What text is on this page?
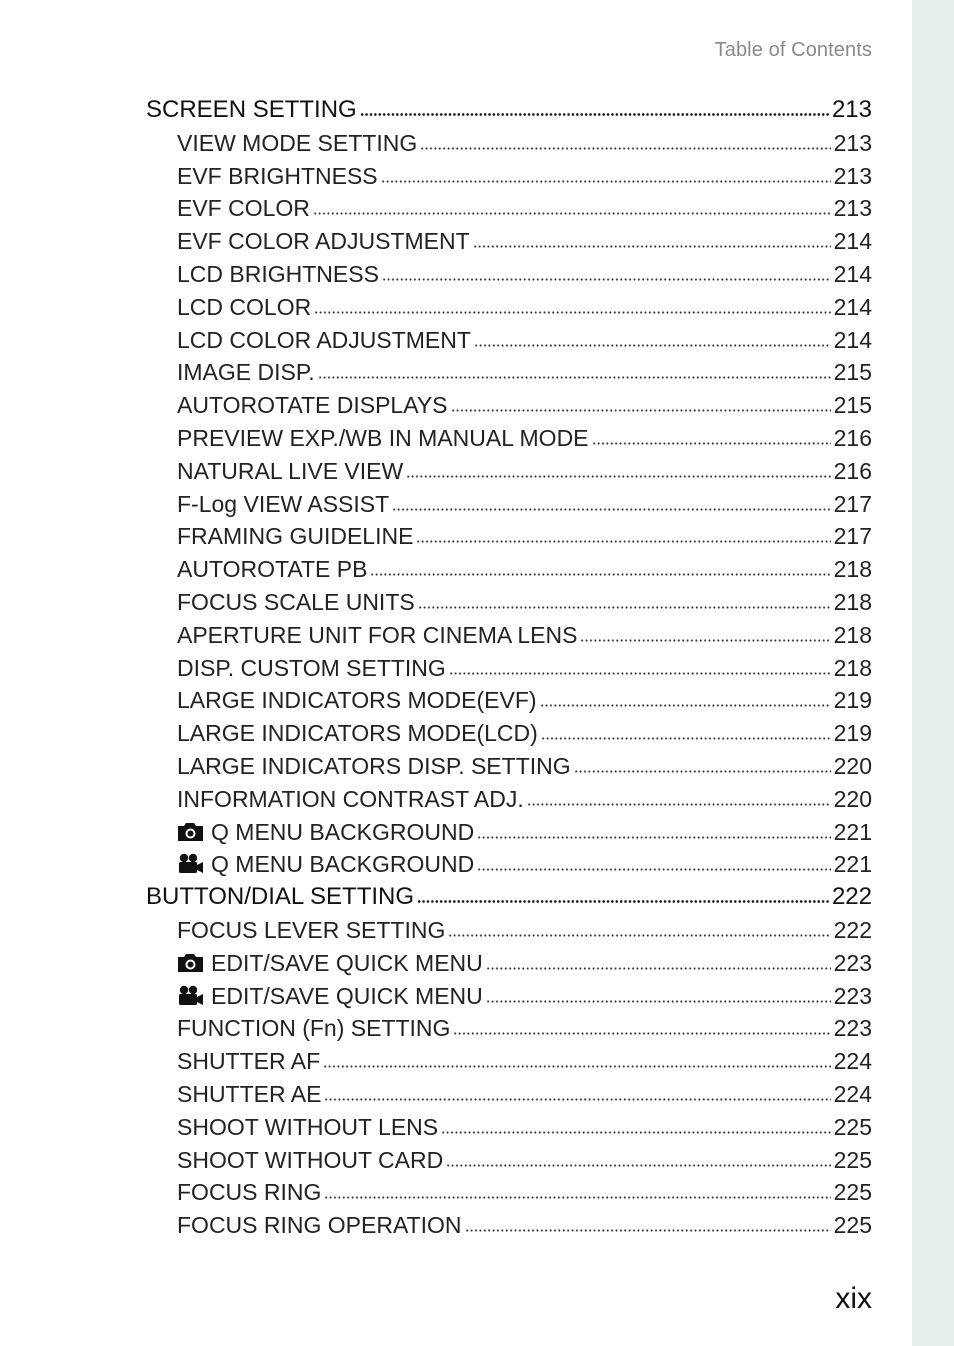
Table of Contents
SCREEN SETTING	213
VIEW MODE SETTING	213
EVF BRIGHTNESS	213
EVF COLOR	213
EVF COLOR ADJUSTMENT	214
LCD BRIGHTNESS	214
LCD COLOR	214
LCD COLOR ADJUSTMENT	214
IMAGE DISP.	215
AUTOROTATE DISPLAYS	215
PREVIEW EXP./WB IN MANUAL MODE	216
NATURAL LIVE VIEW	216
F-Log VIEW ASSIST	217
FRAMING GUIDELINE	217
AUTOROTATE PB	218
FOCUS SCALE UNITS	218
APERTURE UNIT FOR CINEMA LENS	218
DISP. CUSTOM SETTING	218
LARGE INDICATORS MODE(EVF)	219
LARGE INDICATORS MODE(LCD)	219
LARGE INDICATORS DISP. SETTING	220
INFORMATION CONTRAST ADJ.	220
Q MENU BACKGROUND	221
Q MENU BACKGROUND	221
BUTTON/DIAL SETTING	222
FOCUS LEVER SETTING	222
EDIT/SAVE QUICK MENU	223
EDIT/SAVE QUICK MENU	223
FUNCTION (Fn) SETTING	223
SHUTTER AF	224
SHUTTER AE	224
SHOOT WITHOUT LENS	225
SHOOT WITHOUT CARD	225
FOCUS RING	225
FOCUS RING OPERATION	225
xix
